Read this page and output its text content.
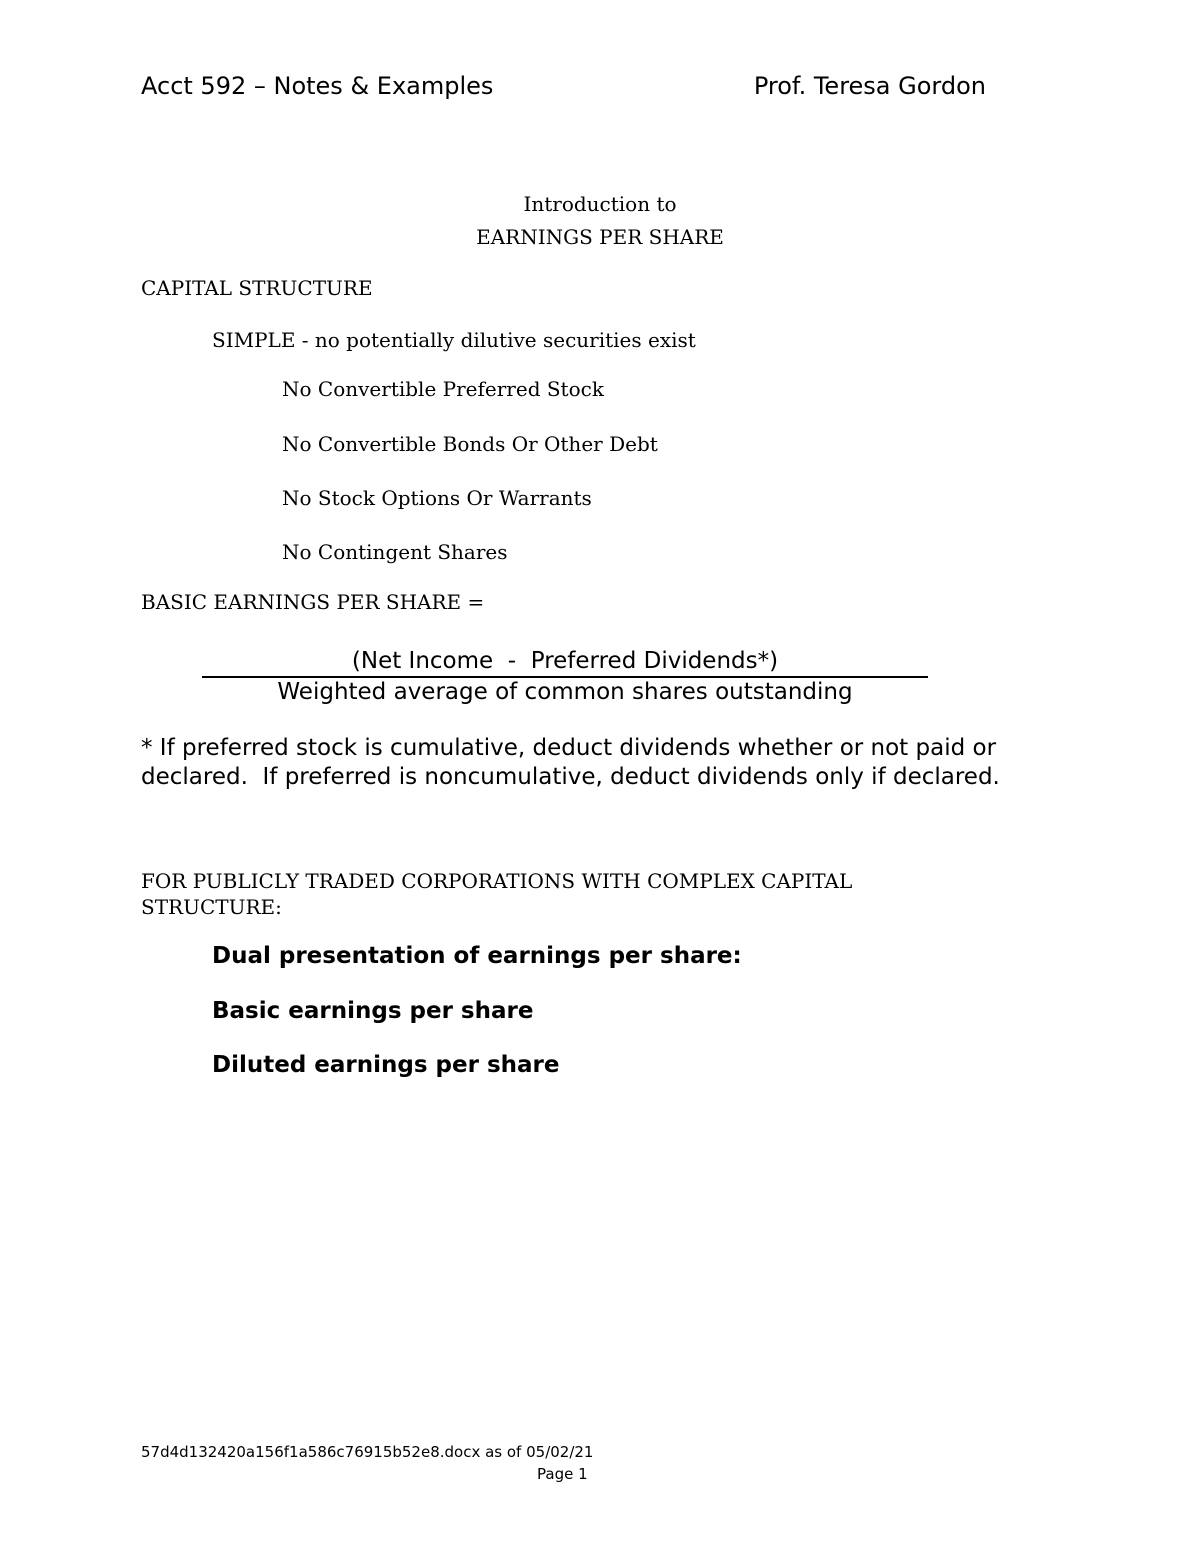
Acct 592 – Notes & Examples	Prof. Teresa Gordon
Introduction to
EARNINGS PER SHARE
CAPITAL STRUCTURE
SIMPLE - no potentially dilutive securities exist
No Convertible Preferred Stock
No Convertible Bonds Or Other Debt
No Stock Options Or Warrants
No Contingent Shares
BASIC EARNINGS PER SHARE =
(Net Income  -  Preferred Dividends*)
Weighted average of common shares outstanding
* If preferred stock is cumulative, deduct dividends whether or not paid or declared.  If preferred is noncumulative, deduct dividends only if declared.
FOR PUBLICLY TRADED CORPORATIONS WITH COMPLEX CAPITAL STRUCTURE:
Dual presentation of earnings per share:
Basic earnings per share
Diluted earnings per share
57d4d132420a156f1a586c76915b52e8.docx as of 05/02/21
Page 1
